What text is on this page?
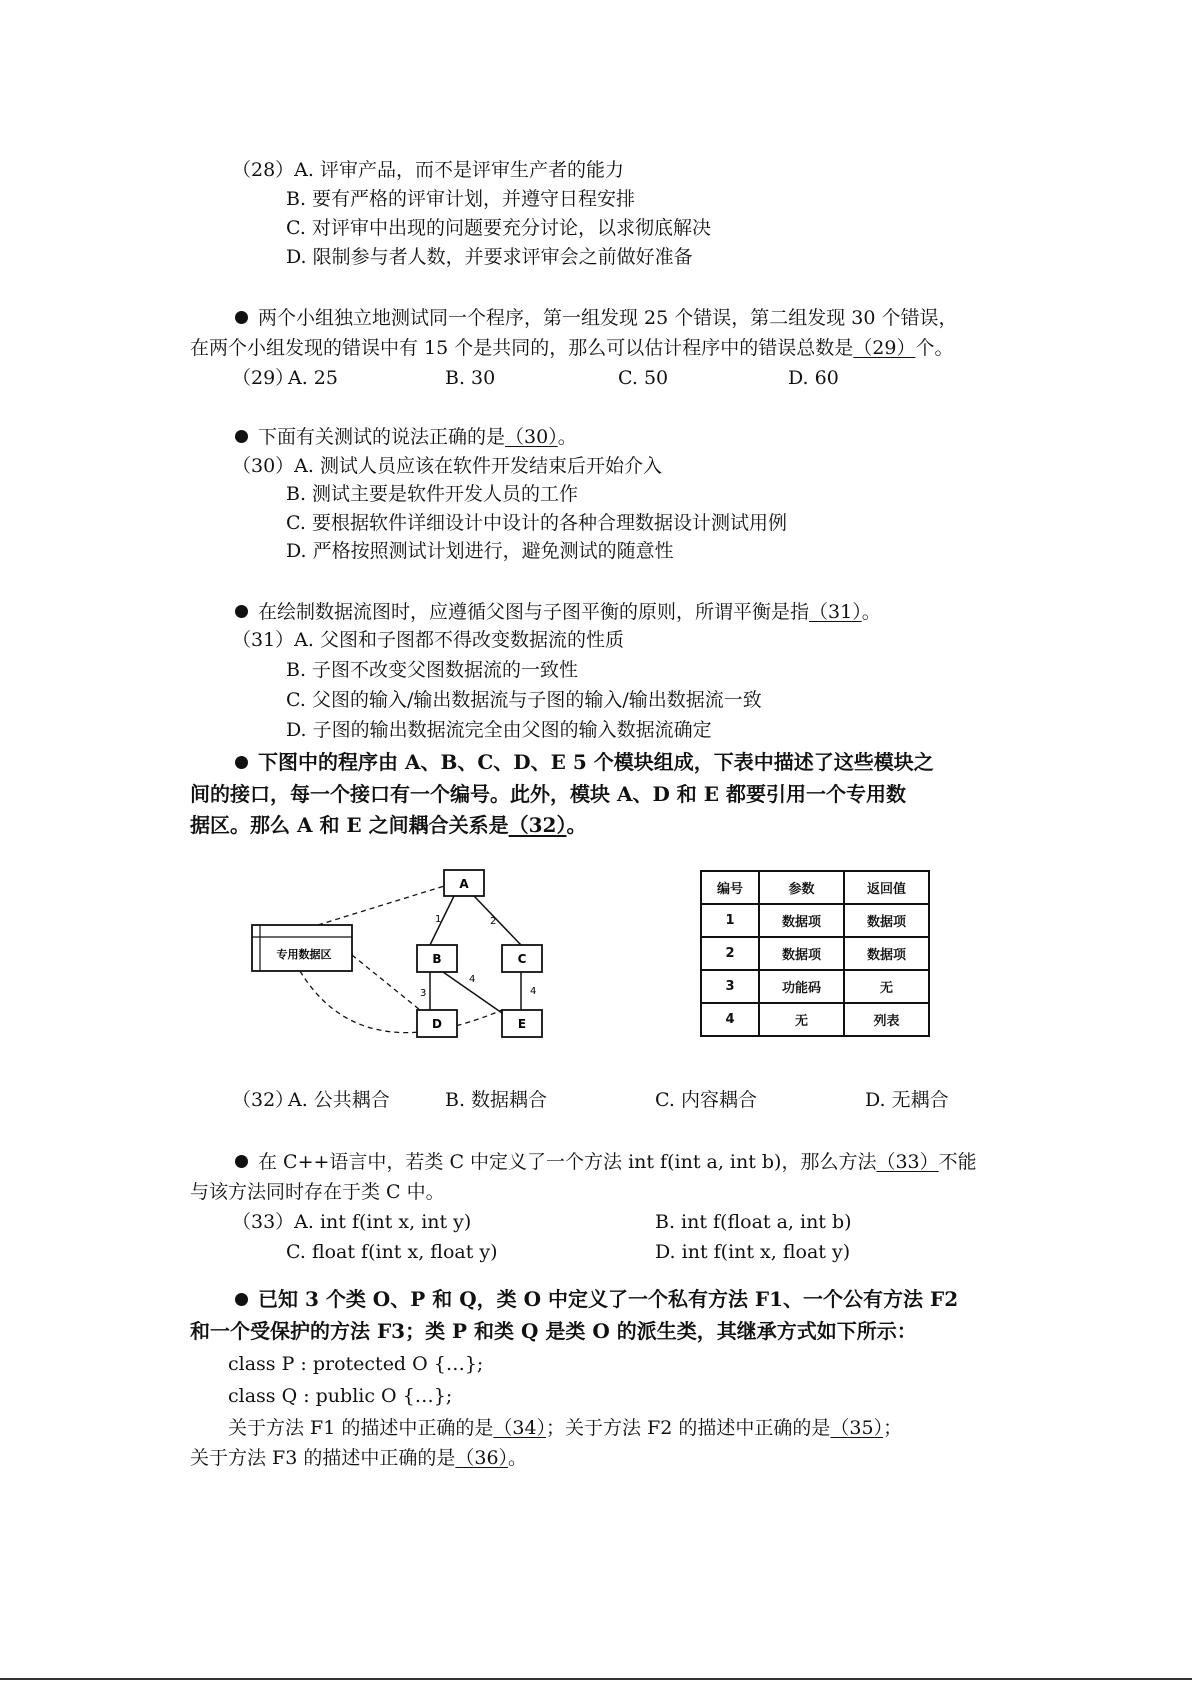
（28）A. 评审产品，而不是评审生产者的能力
B. 要有严格的评审计划，并遵守日程安排
C. 对评审中出现的问题要充分讨论，以求彻底解决
D. 限制参与者人数，并要求评审会之前做好准备
两个小组独立地测试同一个程序，第一组发现 25 个错误，第二组发现 30 个错误，
在两个小组发现的错误中有 15 个是共同的，那么可以估计程序中的错误总数是（29）个。
（29）
A. 25	B. 30	C. 50	D. 60
下面有关测试的说法正确的是（30）。
（30）A. 测试人员应该在软件开发结束后开始介入
B. 测试主要是软件开发人员的工作
C. 要根据软件详细设计中设计的各种合理数据设计测试用例
D. 严格按照测试计划进行，避免测试的随意性
在绘制数据流图时，应遵循父图与子图平衡的原则，所谓平衡是指（31）。
（31）A. 父图和子图都不得改变数据流的性质
B. 子图不改变父图数据流的一致性
C. 父图的输入/输出数据流与子图的输入/输出数据流一致
D. 子图的输出数据流完全由父图的输入数据流确定
下图中的程序由 A、B、C、D、E 5 个模块组成，下表中描述了这些模块之
间的接口，每一个接口有一个编号。此外，模块 A、D 和 E 都要引用一个专用数
据区。那么 A 和 E 之间耦合关系是（32）。
专用数据区
1	2
3
4
4
A
B	C
D	E
编号	参数	返回值
1	数据项	数据项
2	数据项	数据项
3	功能码	无
4	无	列表
（32）
A. 公共耦合	B. 数据耦合	C. 内容耦合	D. 无耦合
在 C++语言中，若类 C 中定义了一个方法 int f(int a, int b)，那么方法（33）不能
与该方法同时存在于类 C 中。
（33）A. int f(int x, int y)	B. int f(float a, int b)
C. float f(int x, float y)	D. int f(int x, float y)
已知 3 个类 O、P 和 Q，类 O 中定义了一个私有方法 F1、一个公有方法 F2
和一个受保护的方法 F3；类 P 和类 Q 是类 O 的派生类，其继承方式如下所示：
class P : protected O {…};
class Q : public O {…};
关于方法 F1 的描述中正确的是（34）；关于方法 F2 的描述中正确的是（35）；
关于方法 F3 的描述中正确的是（36）。
